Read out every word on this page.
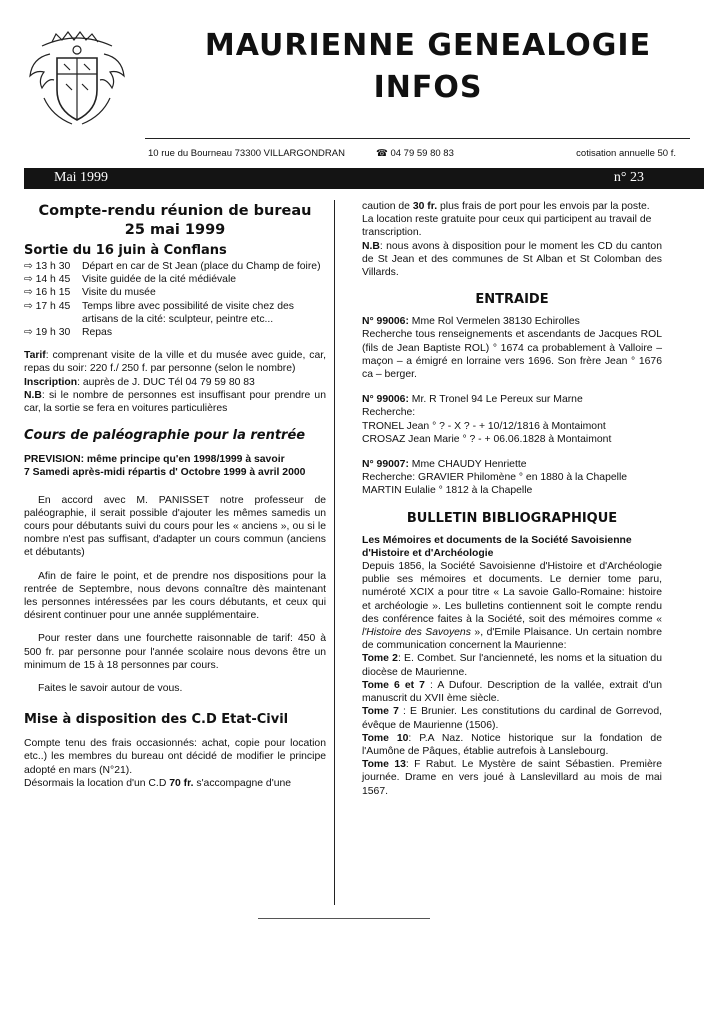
MAURIENNE GENEALOGIE
INFOS
10 rue du Bourneau 73300 VILLARGONDRAN	☎ 04 79 59 80 83	cotisation annuelle 50 f.
Mai 1999	n° 23
Compte-rendu réunion de bureau
25 mai 1999
Sortie du 16 juin à Conflans
⇨ 13 h 30	Départ en car de St Jean (place du Champ de foire)
⇨ 14 h 45	Visite guidée de la cité médiévale
⇨ 16 h 15	Visite du musée
⇨ 17 h 45	Temps libre avec possibilité de visite chez des artisans de la cité: sculpteur, peintre etc...
⇨ 19 h 30	Repas

Tarif: comprenant visite de la ville et du musée avec guide, car, repas du soir: 220 f./ 250 f. par personne (selon le nombre)

Inscription: auprès de J. DUC Tél 04 79 59 80 83

N.B: si le nombre de personnes est insuffisant pour prendre un car, la sortie se fera en voitures particulières

Cours de paléographie pour la rentrée

PREVISION: même principe qu'en 1998/1999 à savoir

7 Samedi après-midi répartis d' Octobre 1999 à avril 2000

En accord avec M. PANISSET notre professeur de paléographie, il serait possible d'ajouter les mêmes samedis un cours pour débutants suivi du cours pour les « anciens », ou si le nombre n'est pas suffisant, d'adapter un cours commun (anciens et débutants)

Afin de faire le point, et de prendre nos dispositions pour la rentrée de Septembre, nous devons connaître dès maintenant les personnes intéressées par les cours débutants, et ceux qui désirent continuer pour une année supplémentaire.

Pour rester dans une fourchette raisonnable de tarif: 450 à 500 fr. par personne pour l'année scolaire nous devons être un minimum de 15 à 18 personnes par cours.

Faites le savoir autour de vous.

Mise à disposition des C.D Etat-Civil

Compte tenu des frais occasionnés: achat, copie pour location etc..) les membres du bureau ont décidé de modifier le principe adopté en mars (N°21).

Désormais la location d'un C.D 70 fr. s'accompagne d'une

caution de 30 fr. plus frais de port pour les envois par la poste.

La location reste gratuite pour ceux qui participent au travail de transcription.

N.B: nous avons à disposition pour le moment les CD du canton de St Jean et des communes de St Alban et St Colomban des Villards.

ENTRAIDE

N° 99006: Mme Rol Vermelen 38130 Echirolles

Recherche tous renseignements et ascendants de Jacques ROL (fils de Jean Baptiste ROL) ° 1674 ca probablement à Valloire – maçon – a émigré en lorraine vers 1696. Son frère Jean ° 1676 ca – berger.

N° 99006: Mr. R Tronel 94 Le Pereux sur Marne

Recherche:

TRONEL Jean ° ? - X ? - + 10/12/1816 à Montaimont

CROSAZ Jean Marie ° ? - + 06.06.1828 à Montaimont

N° 99007: Mme CHAUDY Henriette

Recherche: GRAVIER Philomène ° en 1880 à la Chapelle

MARTIN Eulalie ° 1812 à la Chapelle

BULLETIN BIBLIOGRAPHIQUE

Les Mémoires et documents de la Société Savoisienne d'Histoire et d'Archéologie

Depuis 1856, la Société Savoisienne d'Histoire et d'Archéologie publie ses mémoires et documents. Le dernier tome paru, numéroté XCIX a pour titre « La savoie Gallo-Romaine: histoire et archéologie ». Les bulletins contiennent soit le compte rendu des conférence faites à la Société, soit des mémoires comme « l'Histoire des Savoyens », d'Emile Plaisance. Un certain nombre de communication concernent la Maurienne:

Tome 2: E. Combet. Sur l'ancienneté, les noms et la situation du diocèse de Maurienne.

Tome 6 et 7 : A Dufour. Description de la vallée, extrait d'un manuscrit du XVII ème siècle.

Tome 7 : E Brunier. Les constitutions du cardinal de Gorrevod, évêque de Maurienne (1506).

Tome 10: P.A Naz. Notice historique sur la fondation de l'Aumône de Pâques, établie autrefois à Lanslebourg.

Tome 13: F Rabut. Le Mystère de saint Sébastien. Première journée. Drame en vers joué à Lanslevillard au mois de mai 1567.
